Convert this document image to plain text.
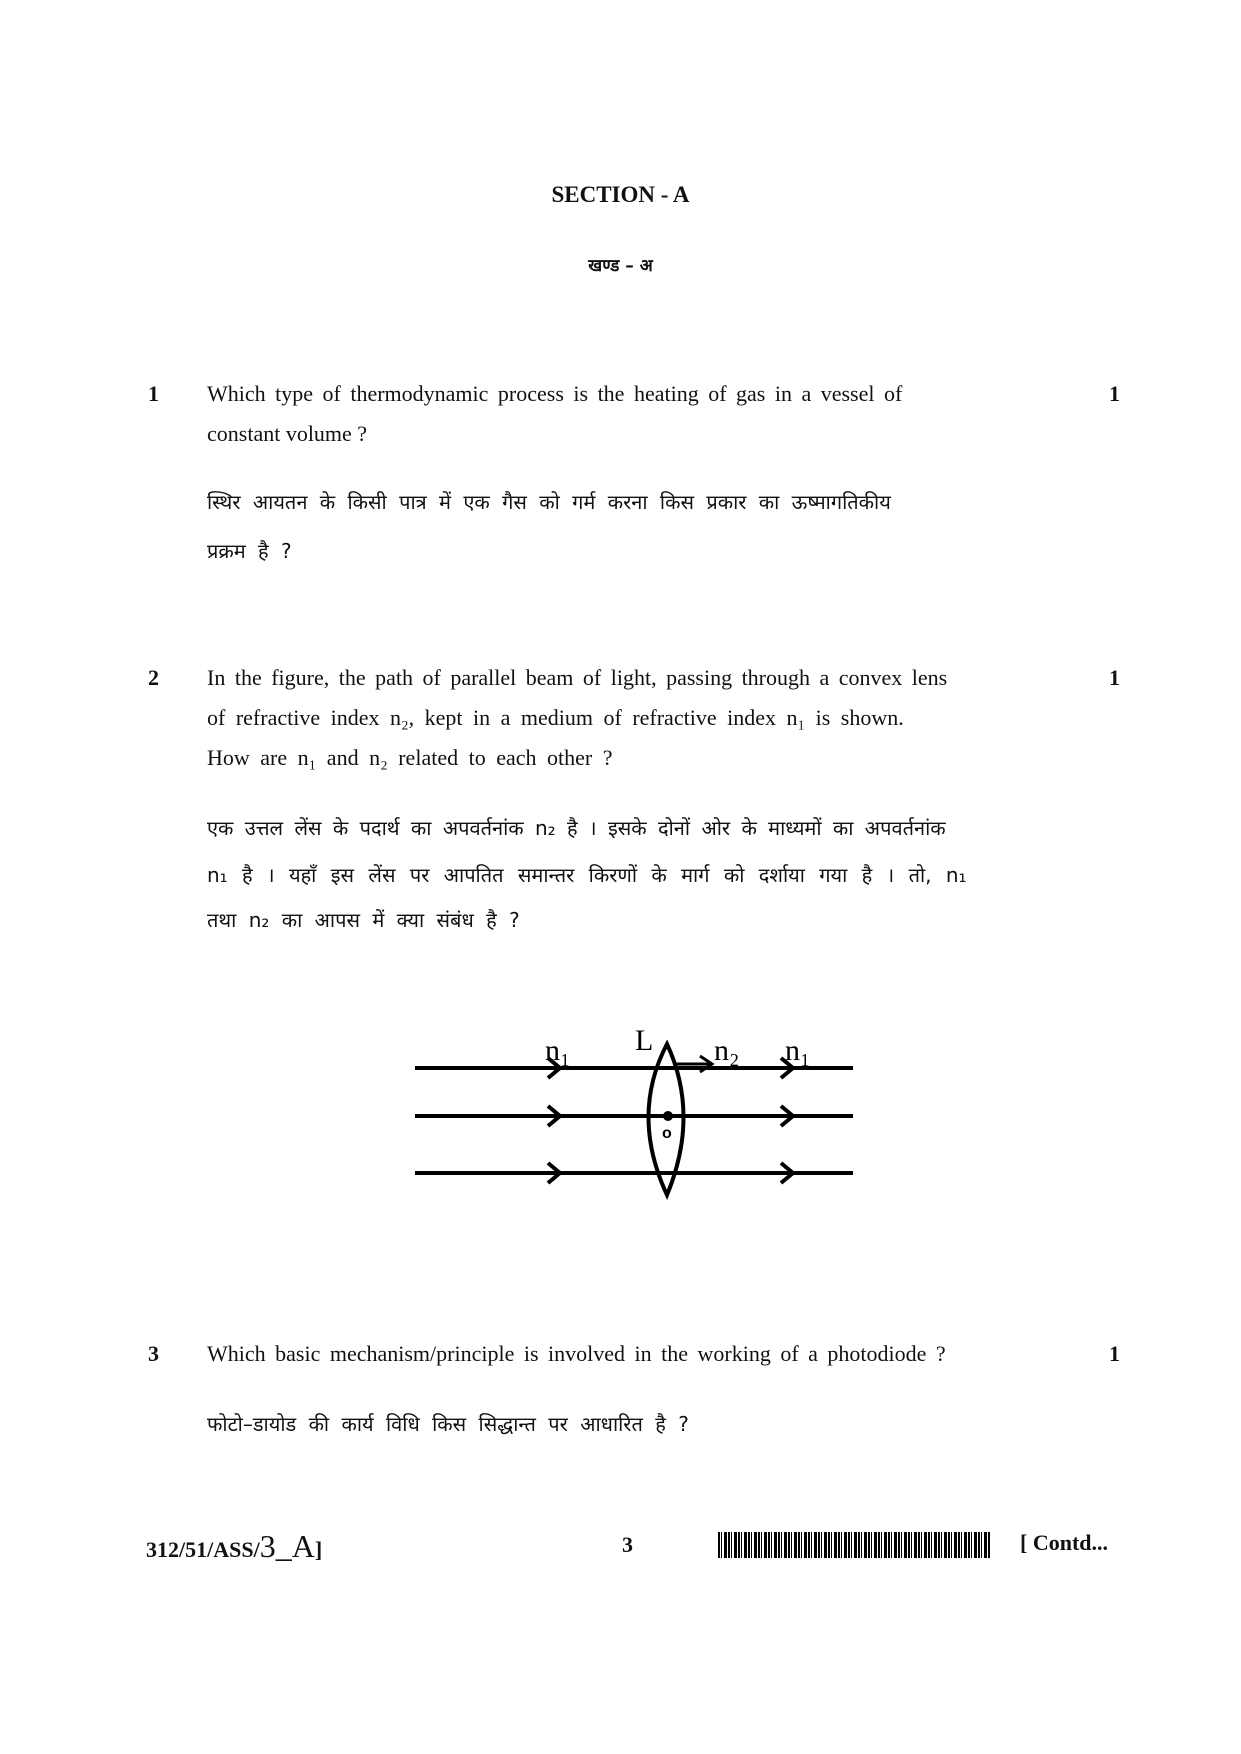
SECTION - A
खण्ड – अ
1	1
Which type of thermodynamic process is the heating of gas in a vessel of
constant volume ?
स्थिर आयतन के किसी पात्र में एक गैस को गर्म करना किस प्रकार का ऊष्मागतिकीय
प्रक्रम है ?
2	1
In the figure, the path of parallel beam of light, passing through a convex lens
of refractive index n₂, kept in a medium of refractive index n₁ is shown.
How are n₁ and n₂ related to each other ?
एक उत्तल लेंस के पदार्थ का अपवर्तनांक n₂ है । इसके दोनों ओर के माध्यमों का अपवर्तनांक
n₁ है । यहाँ इस लेंस पर आपतित समान्तर किरणों के मार्ग को दर्शाया गया है । तो, n₁
तथा n₂ का आपस में क्या संबंध है ?
n₁ L n₂ n₁
o
3	1
Which basic mechanism/principle is involved in the working of a photodiode ?
फोटो–डायोड की कार्य विधि किस सिद्धान्त पर आधारित है ?
312/51/ASS/3_A]	3	[ Contd...
